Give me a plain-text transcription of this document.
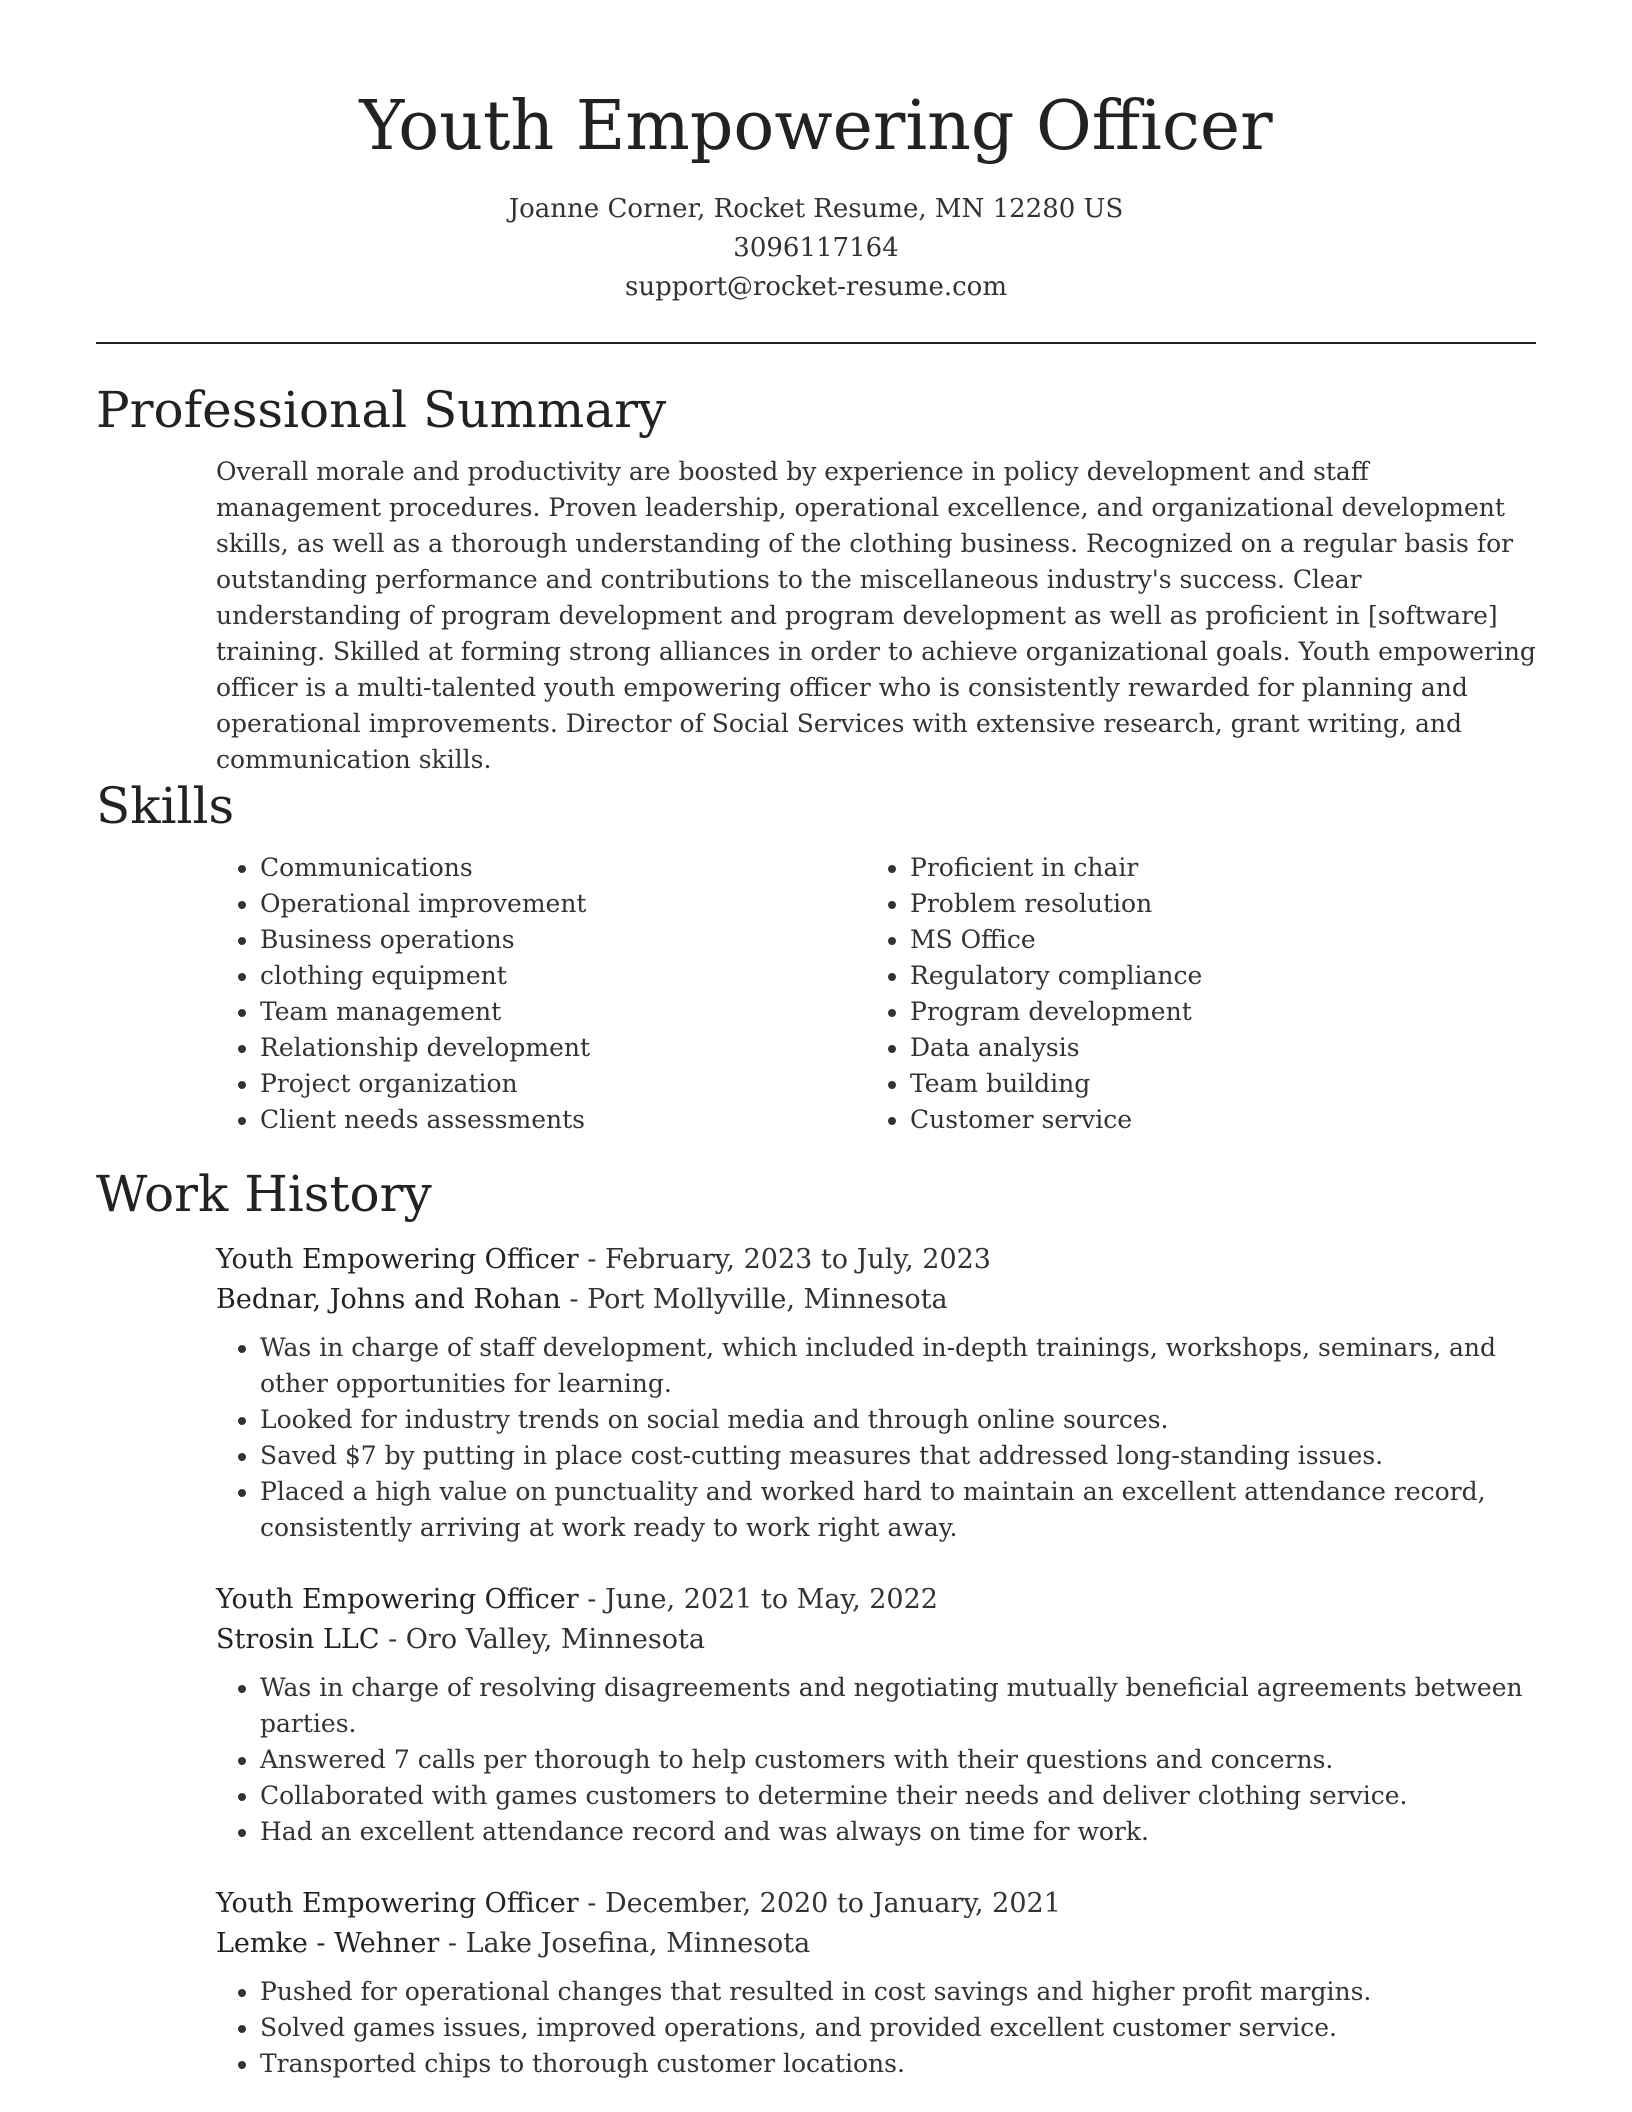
Youth Empowering Officer
Joanne Corner, Rocket Resume, MN 12280 US
3096117164
support@rocket-resume.com
Professional Summary

Overall morale and productivity are boosted by experience in policy development and staff management procedures. Proven leadership, operational excellence, and organizational development skills, as well as a thorough understanding of the clothing business. Recognized on a regular basis for outstanding performance and contributions to the miscellaneous industry's success. Clear understanding of program development and program development as well as proficient in [software] training. Skilled at forming strong alliances in order to achieve organizational goals. Youth empowering officer is a multi-talented youth empowering officer who is consistently rewarded for planning and operational improvements. Director of Social Services with extensive research, grant writing, and communication skills.

Skills
• Communications
• Operational improvement
• Business operations
• clothing equipment
• Team management
• Relationship development
• Project organization
• Client needs assessments
• Proficient in chair
• Problem resolution
• MS Office
• Regulatory compliance
• Program development
• Data analysis
• Team building
• Customer service
Work History
Youth Empowering Officer - February, 2023 to July, 2023
Bednar, Johns and Rohan - Port Mollyville, Minnesota
• Was in charge of staff development, which included in-depth trainings, workshops, seminars, and other opportunities for learning.
• Looked for industry trends on social media and through online sources.
• Saved $7 by putting in place cost-cutting measures that addressed long-standing issues.
• Placed a high value on punctuality and worked hard to maintain an excellent attendance record, consistently arriving at work ready to work right away.
Youth Empowering Officer - June, 2021 to May, 2022
Strosin LLC - Oro Valley, Minnesota
• Was in charge of resolving disagreements and negotiating mutually beneficial agreements between parties.
• Answered 7 calls per thorough to help customers with their questions and concerns.
• Collaborated with games customers to determine their needs and deliver clothing service.
• Had an excellent attendance record and was always on time for work.
Youth Empowering Officer - December, 2020 to January, 2021
Lemke - Wehner - Lake Josefina, Minnesota
• Pushed for operational changes that resulted in cost savings and higher profit margins.
• Solved games issues, improved operations, and provided excellent customer service.
• Transported chips to thorough customer locations.
